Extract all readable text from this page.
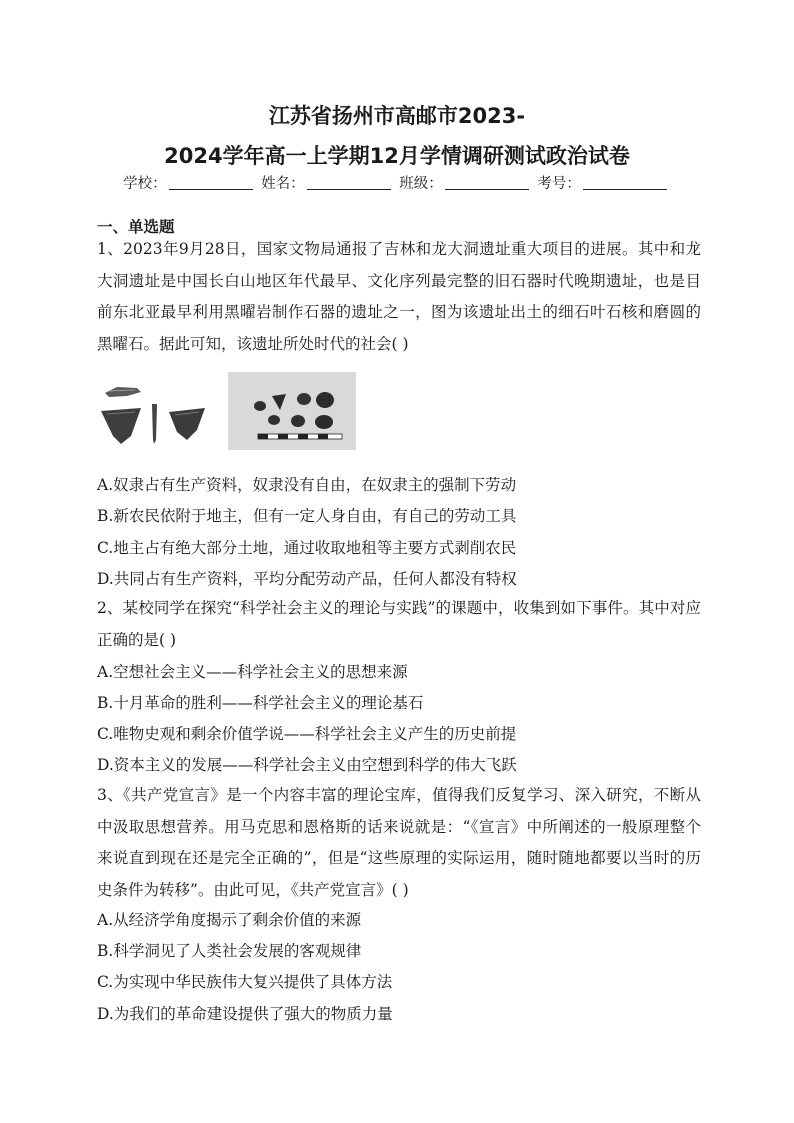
江苏省扬州市高邮市2023-
2024学年高一上学期12月学情调研测试政治试卷
学校：	姓名：	班级：	考号：
一、单选题
1、2023年9月28日，国家文物局通报了吉林和龙大洞遗址重大项目的进展。其中和龙大洞遗址是中国长白山地区年代最早、文化序列最完整的旧石器时代晚期遗址，也是目前东北亚最早利用黑曜岩制作石器的遗址之一，图为该遗址出土的细石叶石核和磨圆的黑曜石。据此可知，该遗址所处时代的社会( )
A.奴隶占有生产资料，奴隶没有自由，在奴隶主的强制下劳动
B.新农民依附于地主，但有一定人身自由，有自己的劳动工具
C.地主占有绝大部分土地，通过收取地租等主要方式剥削农民
D.共同占有生产资料，平均分配劳动产品，任何人都没有特权
2、某校同学在探究“科学社会主义的理论与实践”的课题中，收集到如下事件。其中对应正确的是( )
A.空想社会主义——科学社会主义的思想来源
B.十月革命的胜利——科学社会主义的理论基石
C.唯物史观和剩余价值学说——科学社会主义产生的历史前提
D.资本主义的发展——科学社会主义由空想到科学的伟大飞跃
3、《共产党宣言》是一个内容丰富的理论宝库，值得我们反复学习、深入研究，不断从中汲取思想营养。用马克思和恩格斯的话来说就是：“《宣言》中所阐述的一般原理整个来说直到现在还是完全正确的”，但是“这些原理的实际运用，随时随地都要以当时的历史条件为转移”。由此可见，《共产党宣言》( )
A.从经济学角度揭示了剩余价值的来源
B.科学洞见了人类社会发展的客观规律
C.为实现中华民族伟大复兴提供了具体方法
D.为我们的革命建设提供了强大的物质力量
